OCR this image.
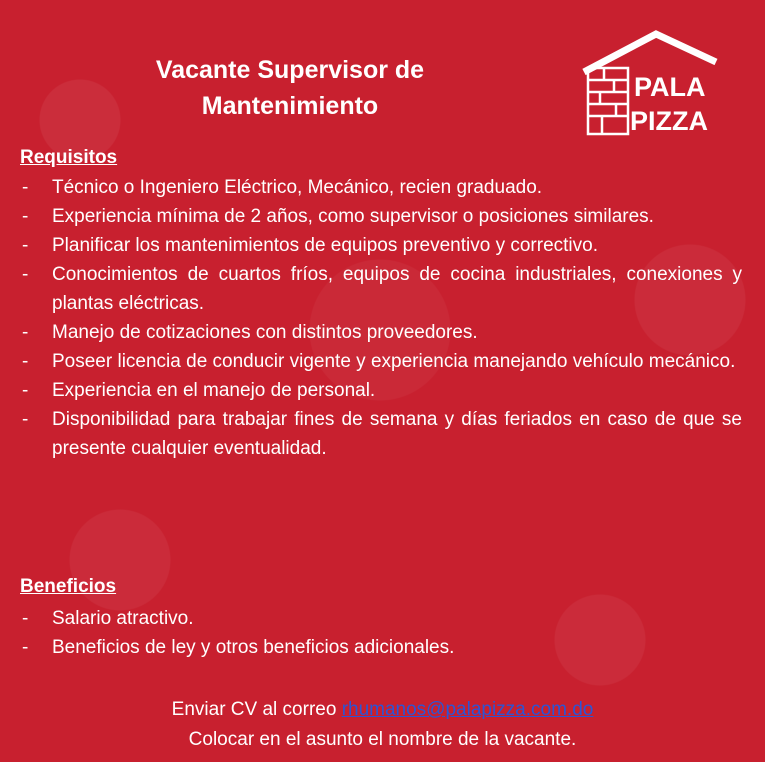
Vacante Supervisor de
Mantenimiento
PALA
PIZZA
Requisitos
- Técnico o Ingeniero Eléctrico, Mecánico, recien graduado.
- Experiencia mínima de 2 años, como supervisor o posiciones similares.
- Planificar los mantenimientos de equipos preventivo y correctivo.
- Conocimientos de cuartos fríos, equipos de cocina industriales, conexiones y plantas eléctricas.
- Manejo de cotizaciones con distintos proveedores.
- Poseer licencia de conducir vigente y experiencia manejando vehículo mecánico.
- Experiencia en el manejo de personal.
- Disponibilidad para trabajar fines de semana y días feriados en caso de que se presente cualquier eventualidad.
Beneficios
- Salario atractivo.
- Beneficios de ley y otros beneficios adicionales.
Enviar CV al correo rhumanos@palapizza.com.do
Colocar en el asunto el nombre de la vacante.
